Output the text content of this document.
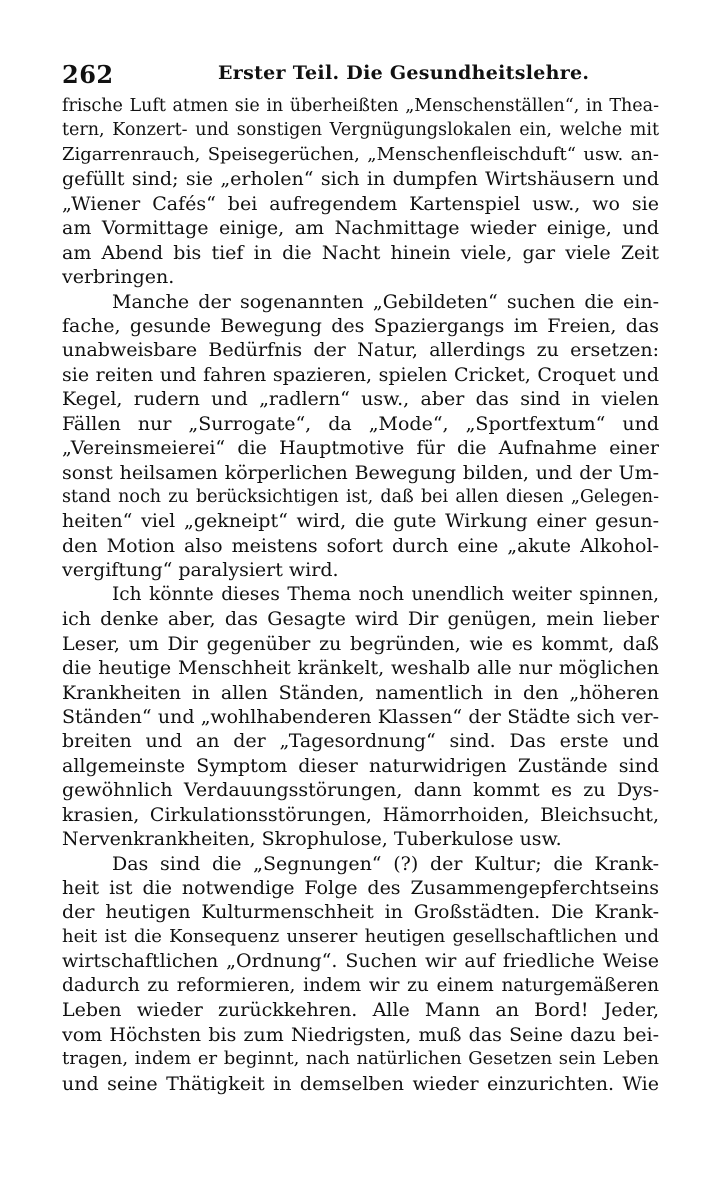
262	Erster Teil. Die Gesundheitslehre.
frische Luft atmen sie in überheißten „Menschenställen“, in Thea-
tern, Konzert- und sonstigen Vergnügungslokalen ein, welche mit
Zigarrenrauch, Speisegerüchen, „Menschenfleischduft“ usw. an-
gefüllt sind; sie „erholen“ sich in dumpfen Wirtshäusern und
„Wiener Cafés“ bei aufregendem Kartenspiel usw., wo sie
am Vormittage einige, am Nachmittage wieder einige, und
am Abend bis tief in die Nacht hinein viele, gar viele Zeit
verbringen.
Manche der sogenannten „Gebildeten“ suchen die ein-
fache, gesunde Bewegung des Spaziergangs im Freien, das
unabweisbare Bedürfnis der Natur, allerdings zu ersetzen:
sie reiten und fahren spazieren, spielen Cricket, Croquet und
Kegel, rudern und „radlern“ usw., aber das sind in vielen
Fällen nur „Surrogate“, da „Mode“, „Sportfextum“ und
„Vereinsmeierei“ die Hauptmotive für die Aufnahme einer
sonst heilsamen körperlichen Bewegung bilden, und der Um-
stand noch zu berücksichtigen ist, daß bei allen diesen „Gelegen-
heiten“ viel „gekneipt“ wird, die gute Wirkung einer gesun-
den Motion also meistens sofort durch eine „akute Alkohol-
vergiftung“ paralysiert wird.
Ich könnte dieses Thema noch unendlich weiter spinnen,
ich denke aber, das Gesagte wird Dir genügen, mein lieber
Leser, um Dir gegenüber zu begründen, wie es kommt, daß
die heutige Menschheit kränkelt, weshalb alle nur möglichen
Krankheiten in allen Ständen, namentlich in den „höheren
Ständen“ und „wohlhabenderen Klassen“ der Städte sich ver-
breiten und an der „Tagesordnung“ sind. Das erste und
allgemeinste Symptom dieser naturwidrigen Zustände sind
gewöhnlich Verdauungsstörungen, dann kommt es zu Dys-
krasien, Cirkulationsstörungen, Hämorrhoiden, Bleichsucht,
Nervenkrankheiten, Skrophulose, Tuberkulose usw.
Das sind die „Segnungen“ (?) der Kultur; die Krank-
heit ist die notwendige Folge des Zusammengepferchtseins
der heutigen Kulturmenschheit in Großstädten. Die Krank-
heit ist die Konsequenz unserer heutigen gesellschaftlichen und
wirtschaftlichen „Ordnung“. Suchen wir auf friedliche Weise
dadurch zu reformieren, indem wir zu einem naturgemäßeren
Leben wieder zurückkehren. Alle Mann an Bord! Jeder,
vom Höchsten bis zum Niedrigsten, muß das Seine dazu bei-
tragen, indem er beginnt, nach natürlichen Gesetzen sein Leben
und seine Thätigkeit in demselben wieder einzurichten. Wie
